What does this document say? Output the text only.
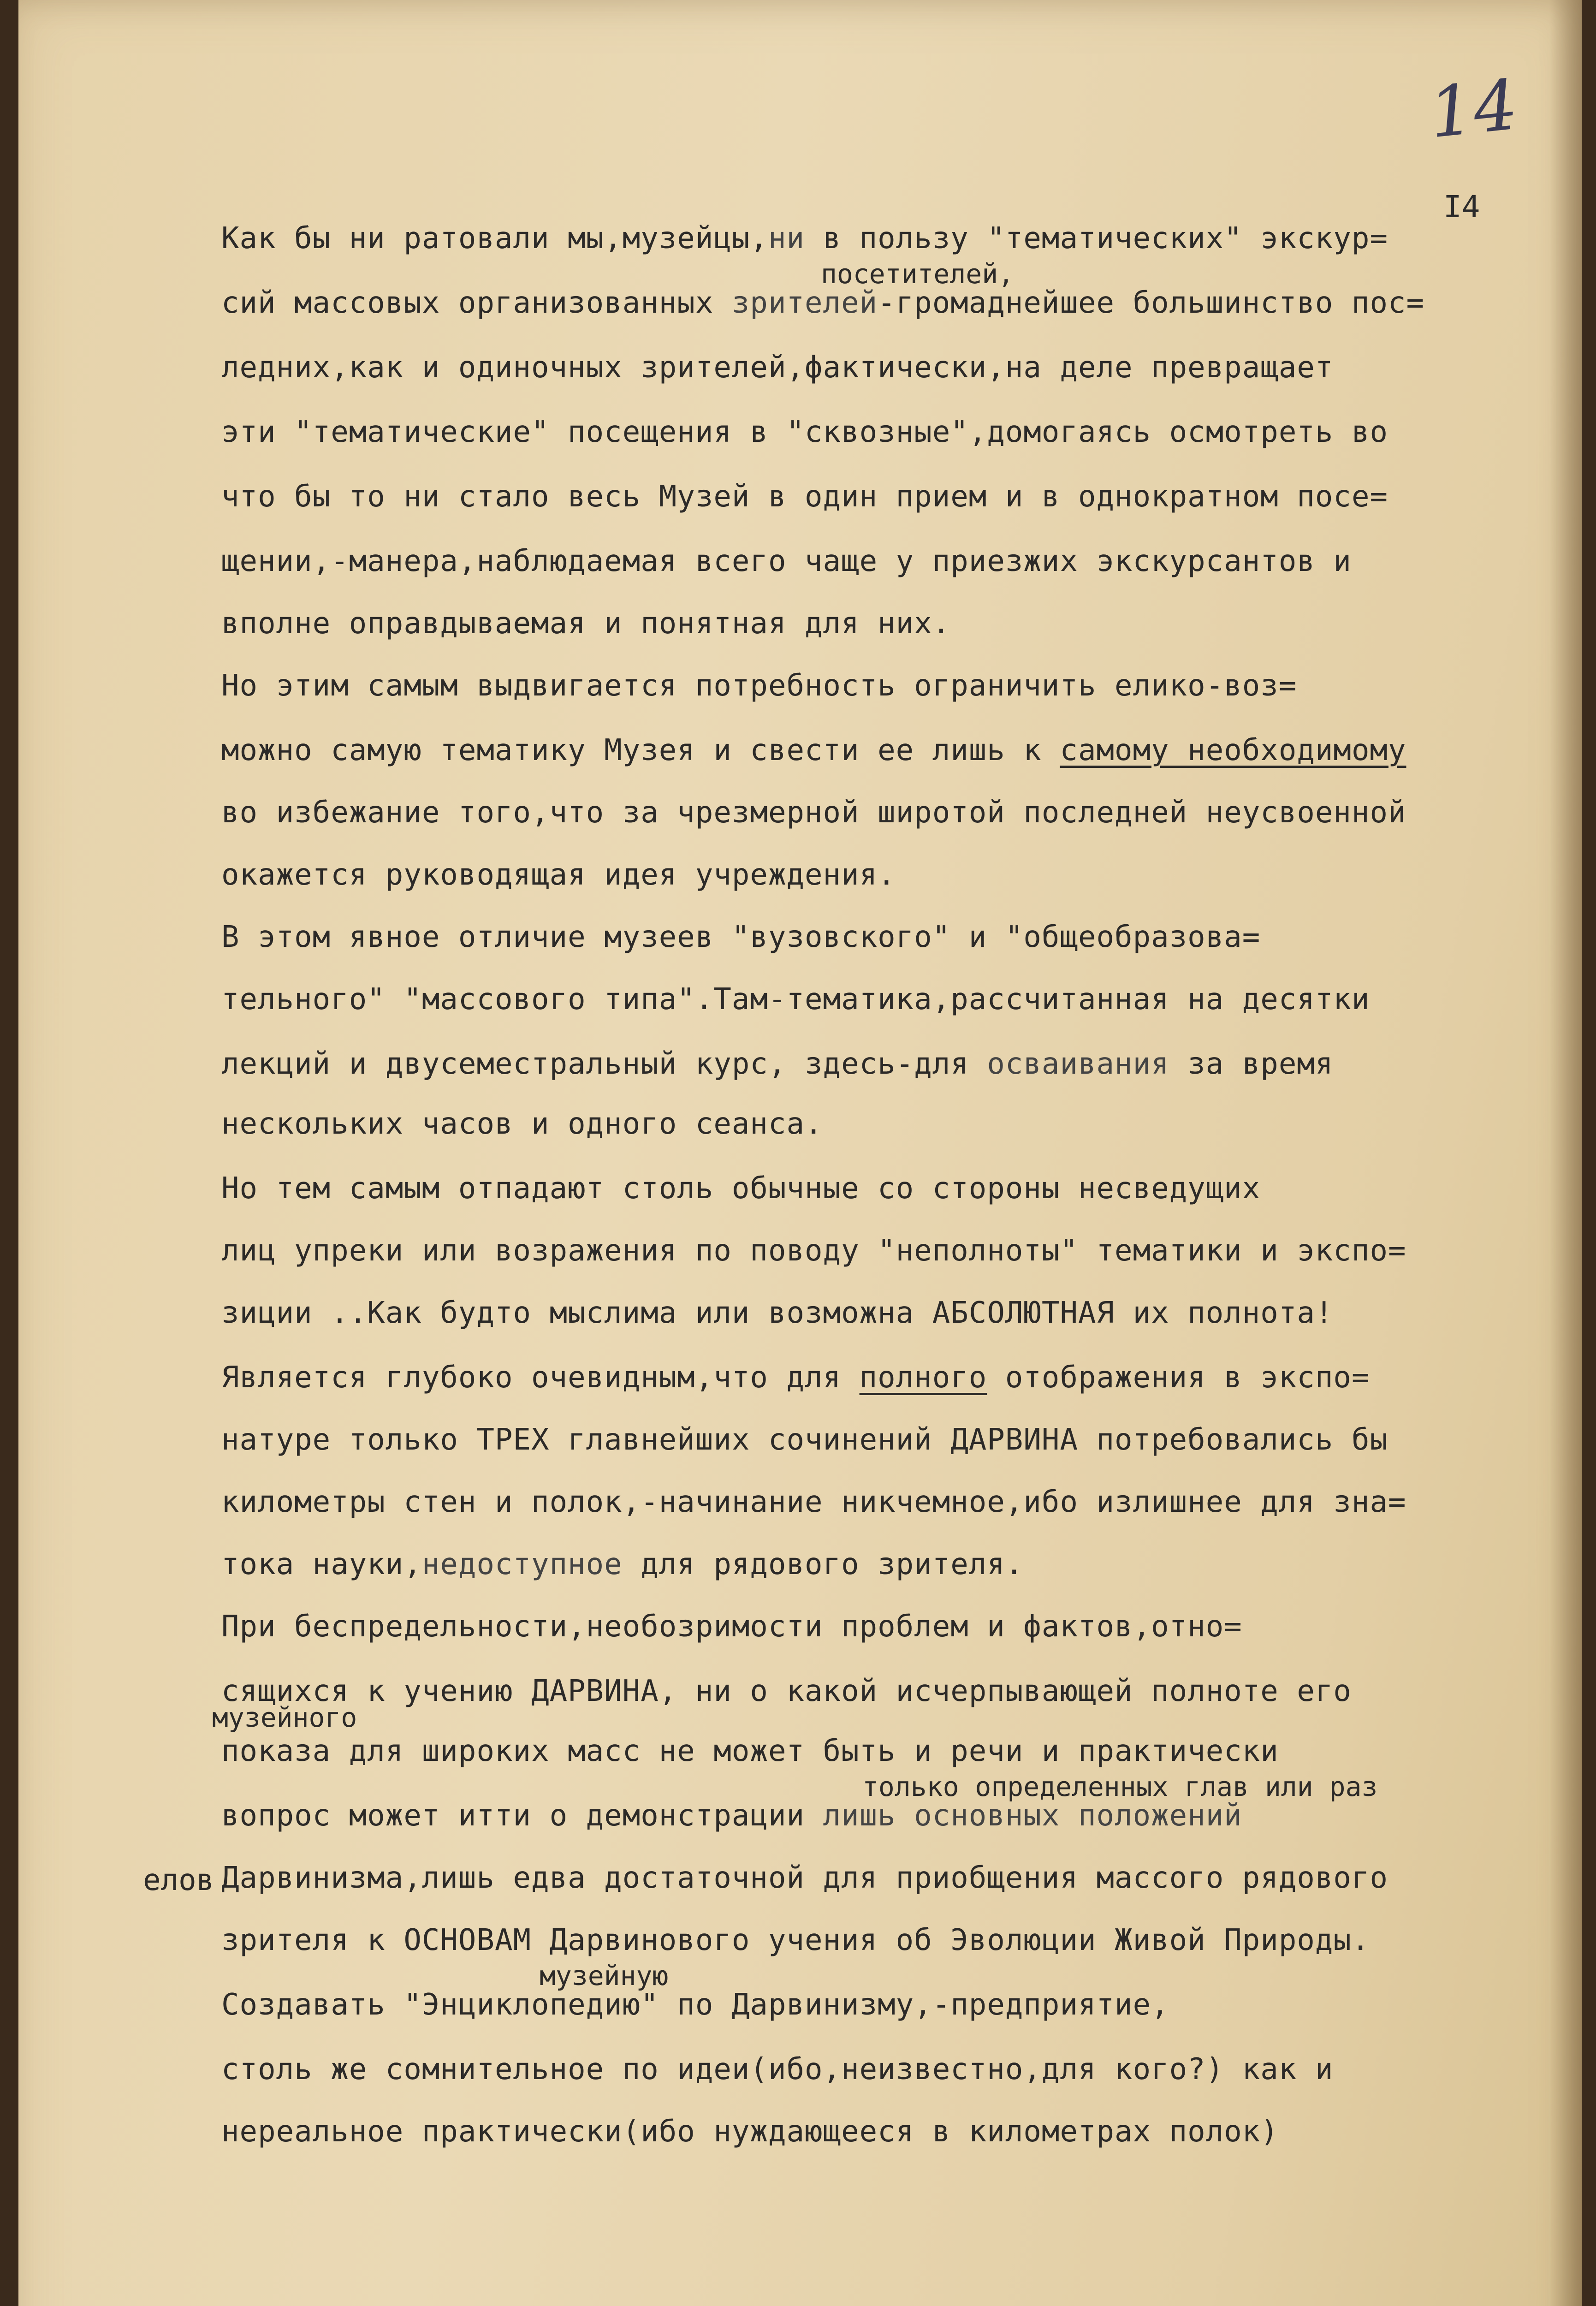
14
I4
посетителей,
музейного
только определенных глав или раз
музейную
елов
Как бы ни ратовали мы,музейцы,ни в пользу "тематических" экскур=
сий массовых организованных зрителей-громаднейшее большинство пос=
ледних,как и одиночных зрителей,фактически,на деле превращает
эти "тематические" посещения в "сквозные",домогаясь осмотреть во
что бы то ни стало весь Музей в один прием и в однократном посе=
щении,-манера,наблюдаемая всего чаще у приезжих экскурсантов и
вполне оправдываемая и понятная для них.
Но этим самым выдвигается потребность ограничить елико-воз=
можно самую тематику Музея и свести ее лишь к самому необходимому
во избежание того,что за чрезмерной широтой последней неусвоенной
окажется руководящая идея учреждения.
В этом явное отличие музеев "вузовского" и "общеобразова=
тельного" "массового типа".Там-тематика,рассчитанная на десятки
лекций и двусеместральный курс, здесь-для осваивания за время
нескольких часов и одного сеанса.
Но тем самым отпадают столь обычные со стороны несведущих
лиц упреки или возражения по поводу "неполноты" тематики и экспо=
зиции ..Как будто мыслима или возможна АБСОЛЮТНАЯ их полнота!
Является глубоко очевидным,что для полного отображения в экспо=
натуре только ТРЕХ главнейших сочинений ДАРВИНА потребовались бы
километры стен и полок,-начинание никчемное,ибо излишнее для зна=
тока науки,недоступное для рядового зрителя.
При беспредельности,необозримости проблем и фактов,отно=
сящихся к учению ДАРВИНА, ни о какой исчерпывающей полноте его
показа для широких масс не может быть и речи и практически
вопрос может итти о демонстрации лишь основных положений
Дарвинизма,лишь едва достаточной для приобщения массого рядового
зрителя к ОСНОВАМ Дарвинового учения об Эволюции Живой Природы.
Создавать "Энциклопедию" по Дарвинизму,-предприятие,
столь же сомнительное по идеи(ибо,неизвестно,для кого?) как и
нереальное практически(ибо нуждающееся в километрах полок)
